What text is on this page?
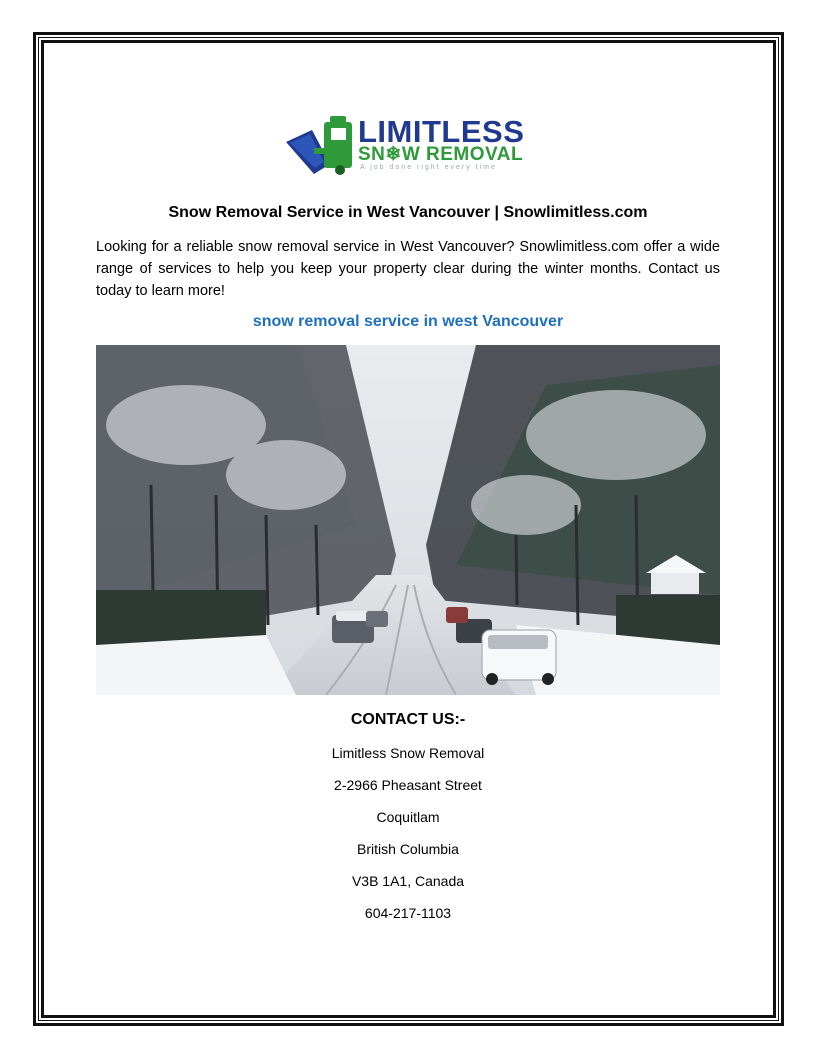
LIMITLESS
SN❄W REMOVAL
A job done right every time
Snow Removal Service in West Vancouver | Snowlimitless.com
Looking for a reliable snow removal service in West Vancouver? Snowlimitless.com offer a wide range of services to help you keep your property clear during the winter months. Contact us today to learn more!
snow removal service in west Vancouver
CONTACT US:-
Limitless Snow Removal
2-2966 Pheasant Street
Coquitlam
British Columbia
V3B 1A1, Canada
604-217-1103
